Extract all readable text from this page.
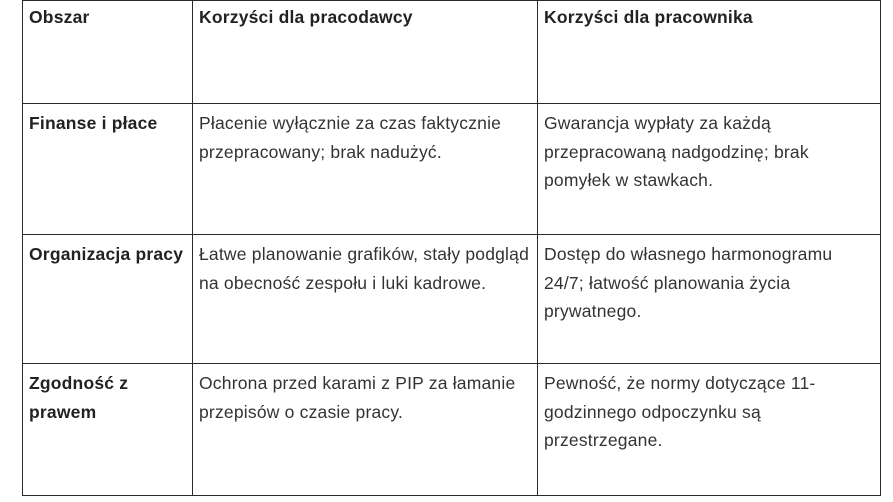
Obszar	Korzyści dla pracodawcy	Korzyści dla pracownika
Finanse i płace	Płacenie wyłącznie za czas faktycznie przepracowany; brak nadużyć.	Gwarancja wypłaty za każdą przepracowaną nadgodzinę; brak pomyłek w stawkach.
Organizacja pracy	Łatwe planowanie grafików, stały podgląd na obecność zespołu i luki kadrowe.	Dostęp do własnego harmonogramu 24/7; łatwość planowania życia prywatnego.
Zgodność z prawem	Ochrona przed karami z PIP za łamanie przepisów o czasie pracy.	Pewność, że normy dotyczące 11-godzinnego odpoczynku są przestrzegane.
